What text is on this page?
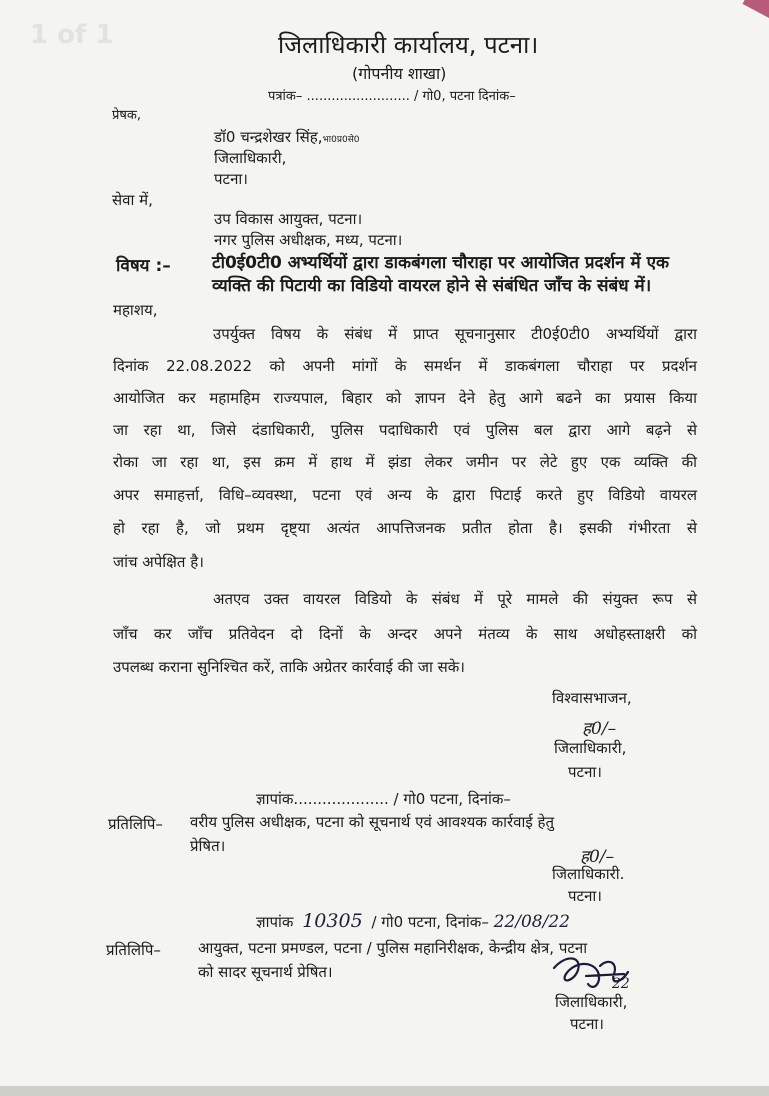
1 of 1	जिलाधिकारी कार्यालय, पटना।
(गोपनीय शाखा)
पत्रांक– ......................... / गो0, पटना दिनांक–
प्रेषक,
डॉ0 चन्द्रशेखर सिंह,भा0प्र0से0
जिलाधिकारी,
पटना।
सेवा में,
उप विकास आयुक्त, पटना।
नगर पुलिस अधीक्षक, मध्य, पटना।
विषय :– टी0ई0टी0 अभ्यर्थियों द्वारा डाकबंगला चौराहा पर आयोजित प्रदर्शन में एक
व्यक्ति की पिटायी का विडियो वायरल होने से संबंधित जाँच के संबंध में।
महाशय,
उपर्युक्त विषय के संबंध में प्राप्त सूचनानुसार टी0ई0टी0 अभ्यर्थियों द्वारा
दिनांक 22.08.2022 को अपनी मांगों के समर्थन में डाकबंगला चौराहा पर प्रदर्शन
आयोजित कर महामहिम राज्यपाल, बिहार को ज्ञापन देने हेतु आगे बढने का प्रयास किया
जा रहा था, जिसे दंडाधिकारी, पुलिस पदाधिकारी एवं पुलिस बल द्वारा आगे बढ़ने से
रोका जा रहा था, इस क्रम में हाथ में झंडा लेकर जमीन पर लेटे हुए एक व्यक्ति की
अपर समाहर्त्ता, विधि–व्यवस्था, पटना एवं अन्य के द्वारा पिटाई करते हुए विडियो वायरल
हो रहा है, जो प्रथम दृष्ट्या अत्यंत आपत्तिजनक प्रतीत होता है। इसकी गंभीरता से
जांच अपेक्षित है।
अतएव उक्त वायरल विडियो के संबंध में पूरे मामले की संयुक्त रूप से
जाँच कर जाँच प्रतिवेदन दो दिनों के अन्दर अपने मंतव्य के साथ अधोहस्ताक्षरी को
उपलब्ध कराना सुनिश्चित करें, ताकि अग्रेतर कार्रवाई की जा सके।
विश्वासभाजन,
ह0/–
जिलाधिकारी,
पटना।
ज्ञापांक.................... / गो0 पटना, दिनांक–
प्रतिलिपि– वरीय पुलिस अधीक्षक, पटना को सूचनार्थ एवं आवश्यक कार्रवाई हेतु
प्रेषित।
ह0/–
जिलाधिकारी.
पटना।
ज्ञापांक 10305 / गो0 पटना, दिनांक– 22/08/22
प्रतिलिपि– आयुक्त, पटना प्रमण्डल, पटना / पुलिस महानिरीक्षक, केन्द्रीय क्षेत्र, पटना
को सादर सूचनार्थ प्रेषित।
22
जिलाधिकारी,
पटना।
